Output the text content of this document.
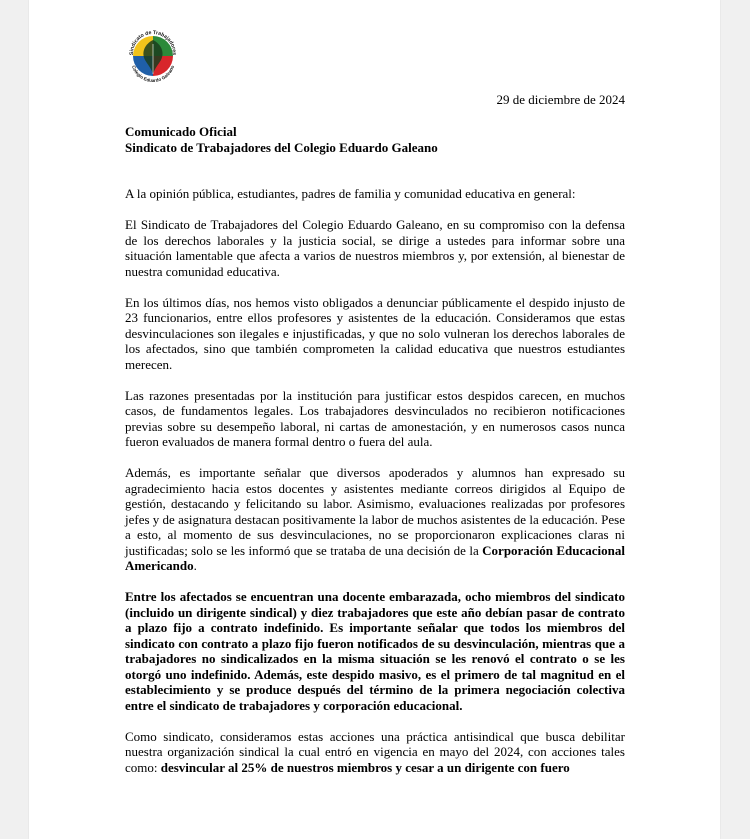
Sindicato de Trabajadores
Colegio Eduardo Galeano
29 de diciembre de 2024
Comunicado Oficial
Sindicato de Trabajadores del Colegio Eduardo Galeano

A la opinión pública, estudiantes, padres de familia y comunidad educativa en general:

El Sindicato de Trabajadores del Colegio Eduardo Galeano, en su compromiso con la defensa de los derechos laborales y la justicia social, se dirige a ustedes para informar sobre una situación lamentable que afecta a varios de nuestros miembros y, por extensión, al bienestar de nuestra comunidad educativa.

En los últimos días, nos hemos visto obligados a denunciar públicamente el despido injusto de 23 funcionarios, entre ellos profesores y asistentes de la educación. Consideramos que estas desvinculaciones son ilegales e injustificadas, y que no solo vulneran los derechos laborales de los afectados, sino que también comprometen la calidad educativa que nuestros estudiantes merecen.

Las razones presentadas por la institución para justificar estos despidos carecen, en muchos casos, de fundamentos legales. Los trabajadores desvinculados no recibieron notificaciones previas sobre su desempeño laboral, ni cartas de amonestación, y en numerosos casos nunca fueron evaluados de manera formal dentro o fuera del aula.

Además, es importante señalar que diversos apoderados y alumnos han expresado su agradecimiento hacia estos docentes y asistentes mediante correos dirigidos al Equipo de gestión, destacando y felicitando su labor. Asimismo, evaluaciones realizadas por profesores jefes y de asignatura destacan positivamente la labor de muchos asistentes de la educación. Pese a esto, al momento de sus desvinculaciones, no se proporcionaron explicaciones claras ni justificadas; solo se les informó que se trataba de una decisión de la Corporación Educacional Americando.

Entre los afectados se encuentran una docente embarazada, ocho miembros del sindicato (incluido un dirigente sindical) y diez trabajadores que este año debían pasar de contrato a plazo fijo a contrato indefinido. Es importante señalar que todos los miembros del sindicato con contrato a plazo fijo fueron notificados de su desvinculación, mientras que a trabajadores no sindicalizados en la misma situación se les renovó el contrato o se les otorgó uno indefinido. Además, este despido masivo, es el primero de tal magnitud en el establecimiento y se produce después del término de la primera negociación colectiva entre el sindicato de trabajadores y corporación educacional.

Como sindicato, consideramos estas acciones una práctica antisindical que busca debilitar nuestra organización sindical la cual entró en vigencia en mayo del 2024, con acciones tales como: desvincular al 25% de nuestros miembros y cesar a un dirigente con fuero
